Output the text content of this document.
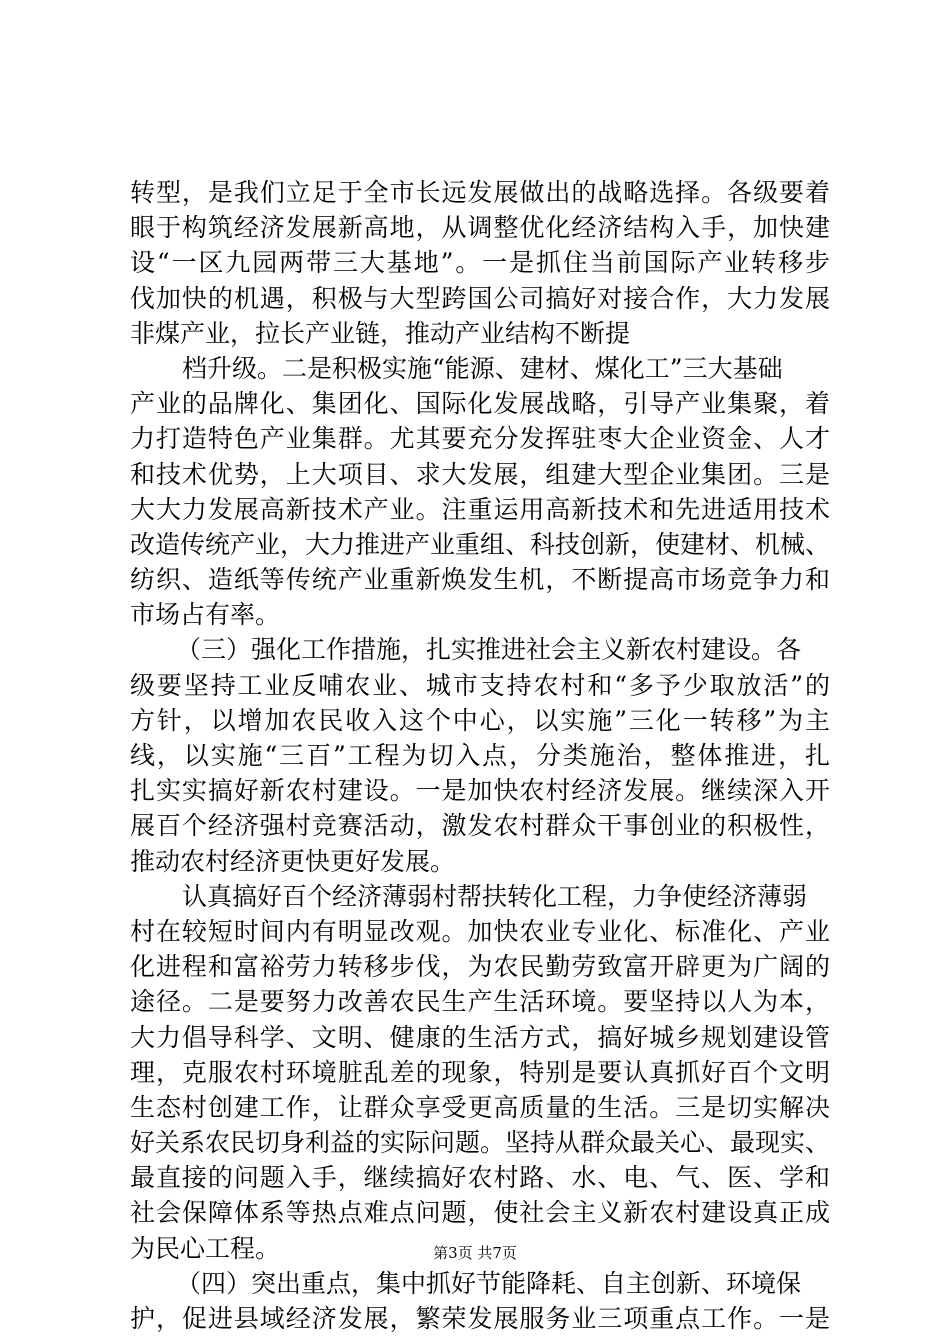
转型，是我们立足于全市长远发展做出的战略选择。各级要着
眼于构筑经济发展新高地，从调整优化经济结构入手，加快建
设“一区九园两带三大基地”。一是抓住当前国际产业转移步
伐加快的机遇，积极与大型跨国公司搞好对接合作，大力发展
非煤产业，拉长产业链，推动产业结构不断提
档升级。二是积极实施“能源、建材、煤化工”三大基础
产业的品牌化、集团化、国际化发展战略，引导产业集聚，着
力打造特色产业集群。尤其要充分发挥驻枣大企业资金、人才
和技术优势，上大项目、求大发展，组建大型企业集团。三是
大大力发展高新技术产业。注重运用高新技术和先进适用技术
改造传统产业，大力推进产业重组、科技创新，使建材、机械、
纺织、造纸等传统产业重新焕发生机，不断提高市场竞争力和
市场占有率。
（三）强化工作措施，扎实推进社会主义新农村建设。各
级要坚持工业反哺农业、城市支持农村和“多予少取放活”的
方针，以增加农民收入这个中心，以实施”三化一转移”为主
线，以实施“三百”工程为切入点，分类施治，整体推进，扎
扎实实搞好新农村建设。一是加快农村经济发展。继续深入开
展百个经济强村竞赛活动，激发农村群众干事创业的积极性，
推动农村经济更快更好发展。
认真搞好百个经济薄弱村帮扶转化工程，力争使经济薄弱
村在较短时间内有明显改观。加快农业专业化、标准化、产业
化进程和富裕劳力转移步伐，为农民勤劳致富开辟更为广阔的
途径。二是要努力改善农民生产生活环境。要坚持以人为本，
大力倡导科学、文明、健康的生活方式，搞好城乡规划建设管
理，克服农村环境脏乱差的现象，特别是要认真抓好百个文明
生态村创建工作，让群众享受更高质量的生活。三是切实解决
好关系农民切身利益的实际问题。坚持从群众最关心、最现实、
最直接的问题入手，继续搞好农村路、水、电、气、医、学和
社会保障体系等热点难点问题，使社会主义新农村建设真正成
为民心工程。
（四）突出重点，集中抓好节能降耗、自主创新、环境保
护，促进县域经济发展，繁荣发展服务业三项重点工作。一是
第3页 共7页
